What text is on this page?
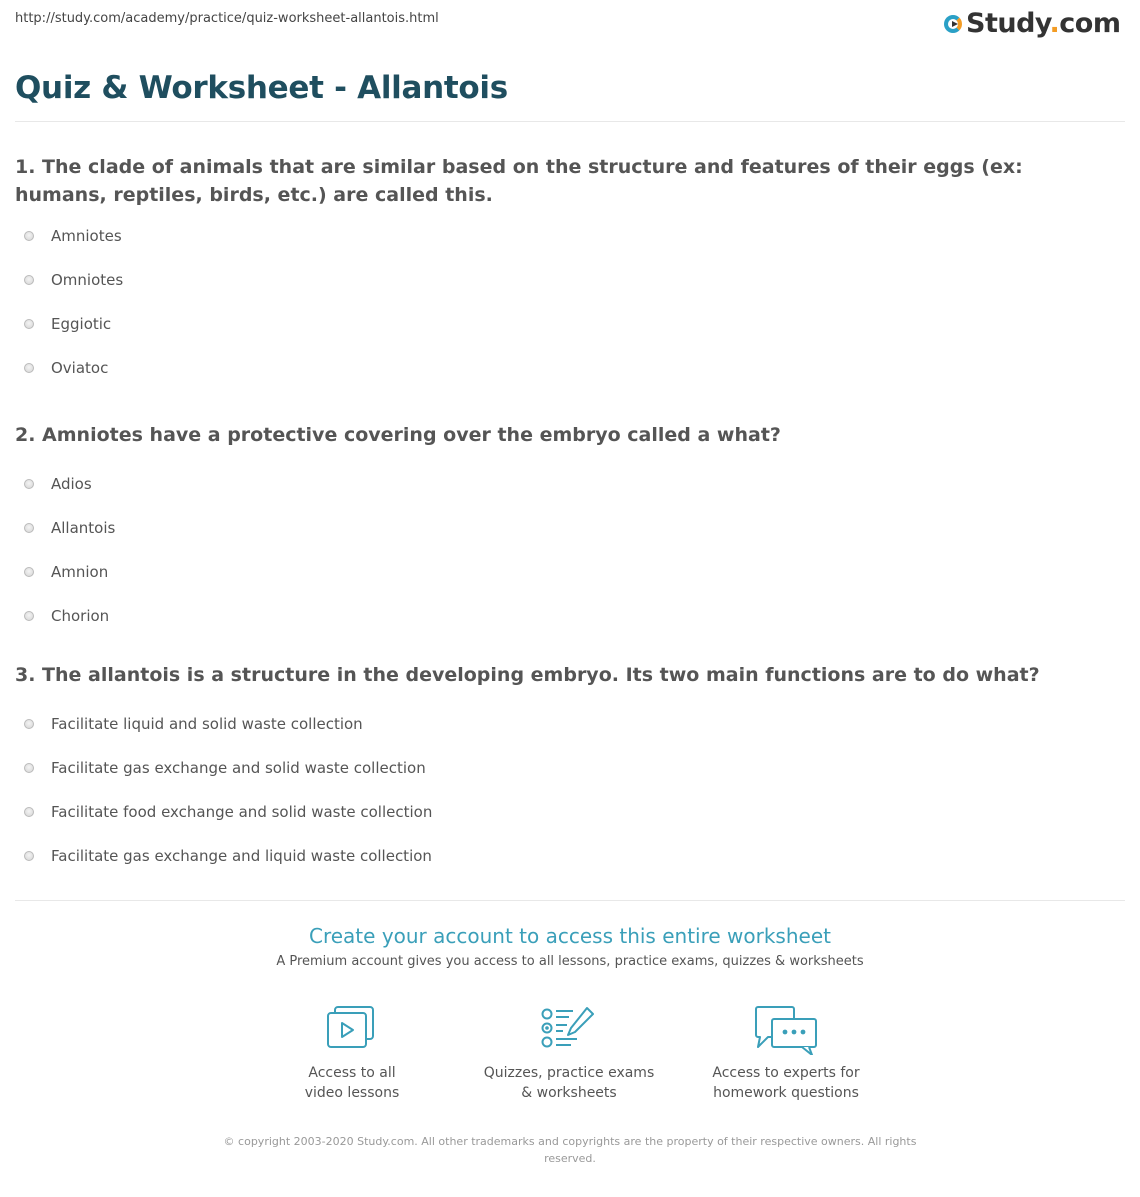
http://study.com/academy/practice/quiz-worksheet-allantois.html	Study.com
Quiz & Worksheet - Allantois

1. The clade of animals that are similar based on the structure and features of their eggs (ex: humans, reptiles, birds, etc.) are called this.

Amniotes
Omniotes
Eggiotic
Oviatoc

2. Amniotes have a protective covering over the embryo called a what?

Adios
Allantois
Amnion
Chorion

3. The allantois is a structure in the developing embryo. Its two main functions are to do what?

Facilitate liquid and solid waste collection
Facilitate gas exchange and solid waste collection
Facilitate food exchange and solid waste collection
Facilitate gas exchange and liquid waste collection
Create your account to access this entire worksheet
A Premium account gives you access to all lessons, practice exams, quizzes & worksheets
Access to all
video lessons
Quizzes, practice exams
& worksheets
Access to experts for
homework questions
© copyright 2003-2020 Study.com. All other trademarks and copyrights are the property of their respective owners. All rights reserved.
